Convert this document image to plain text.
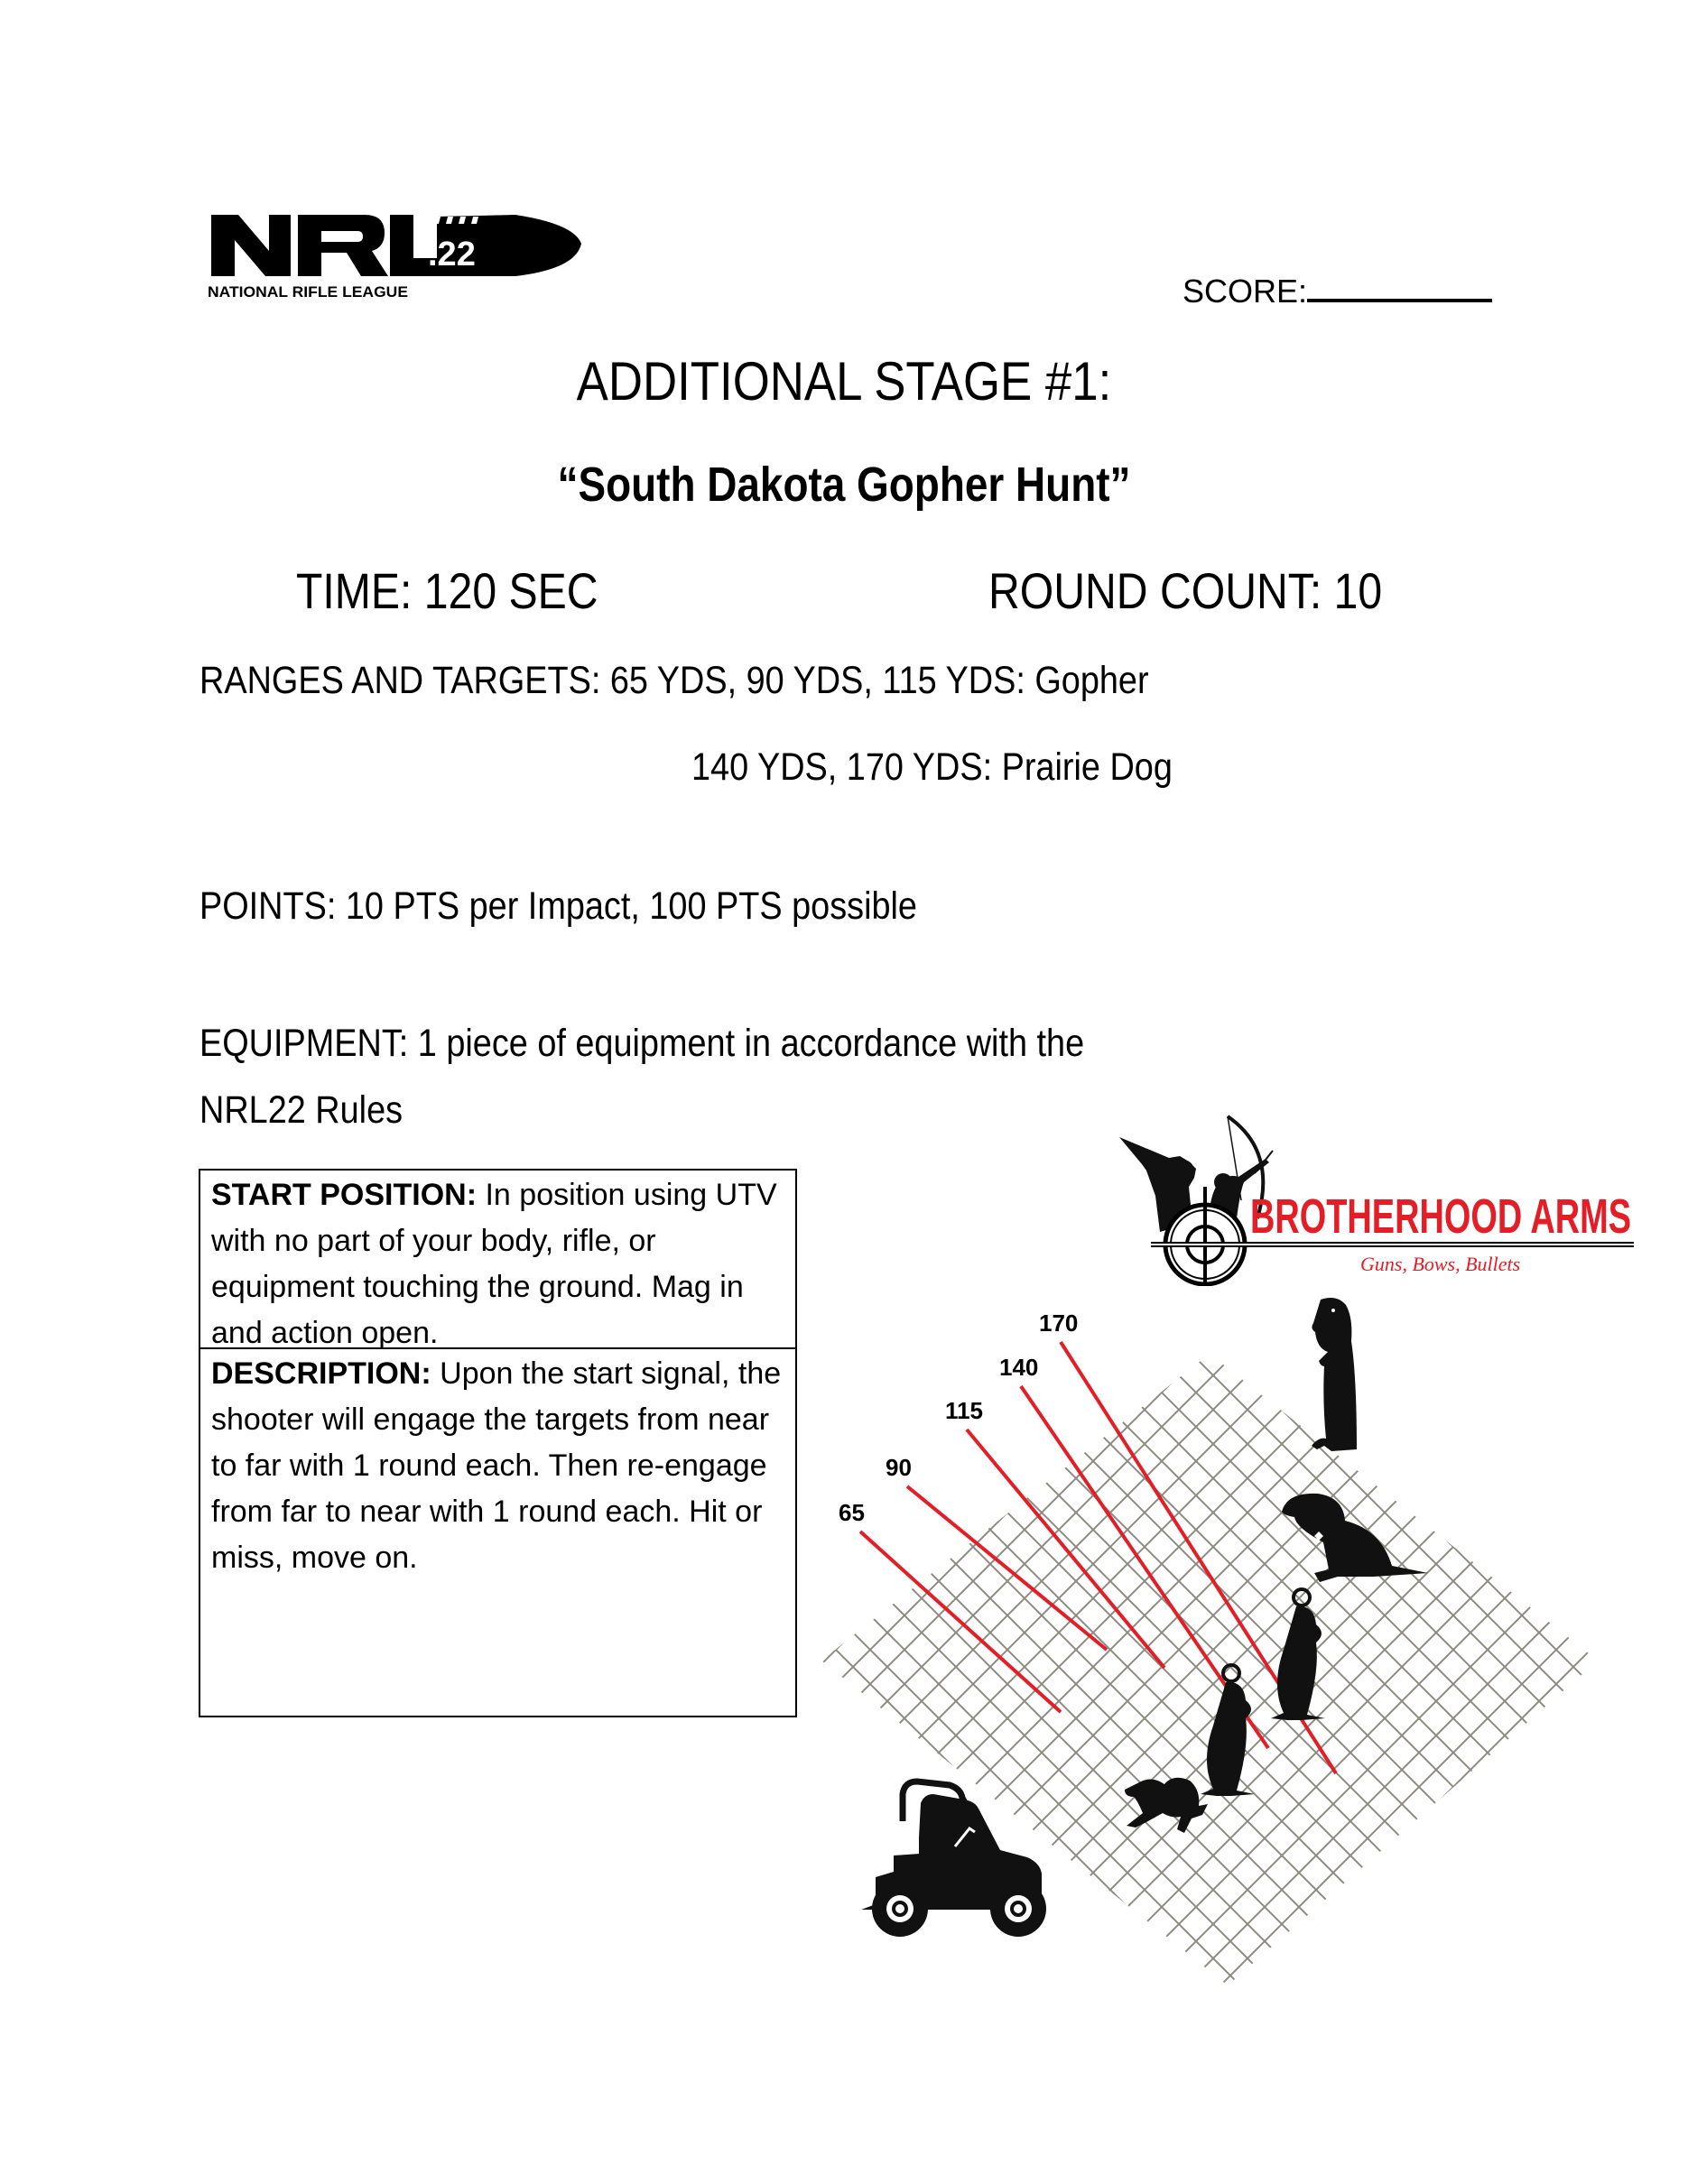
.22
NATIONAL RIFLE LEAGUE	SCORE:
ADDITIONAL STAGE #1:
“South Dakota Gopher Hunt”
TIME: 120 SEC	ROUND COUNT: 10
RANGES AND TARGETS: 65 YDS, 90 YDS, 115 YDS: Gopher
140 YDS, 170 YDS: Prairie Dog
POINTS: 10 PTS per Impact, 100 PTS possible
EQUIPMENT: 1 piece of equipment in accordance with the
NRL22 Rules
START POSITION: In position using UTV with no part of your body, rifle, or equipment touching the ground. Mag in and action open.
DESCRIPTION: Upon the start signal, the shooter will engage the targets from near to far with 1 round each. Then re-engage from far to near with 1 round each. Hit or miss, move on.
BROTHERHOOD ARMS
Guns, Bows, Bullets
65
90
115
140
170
